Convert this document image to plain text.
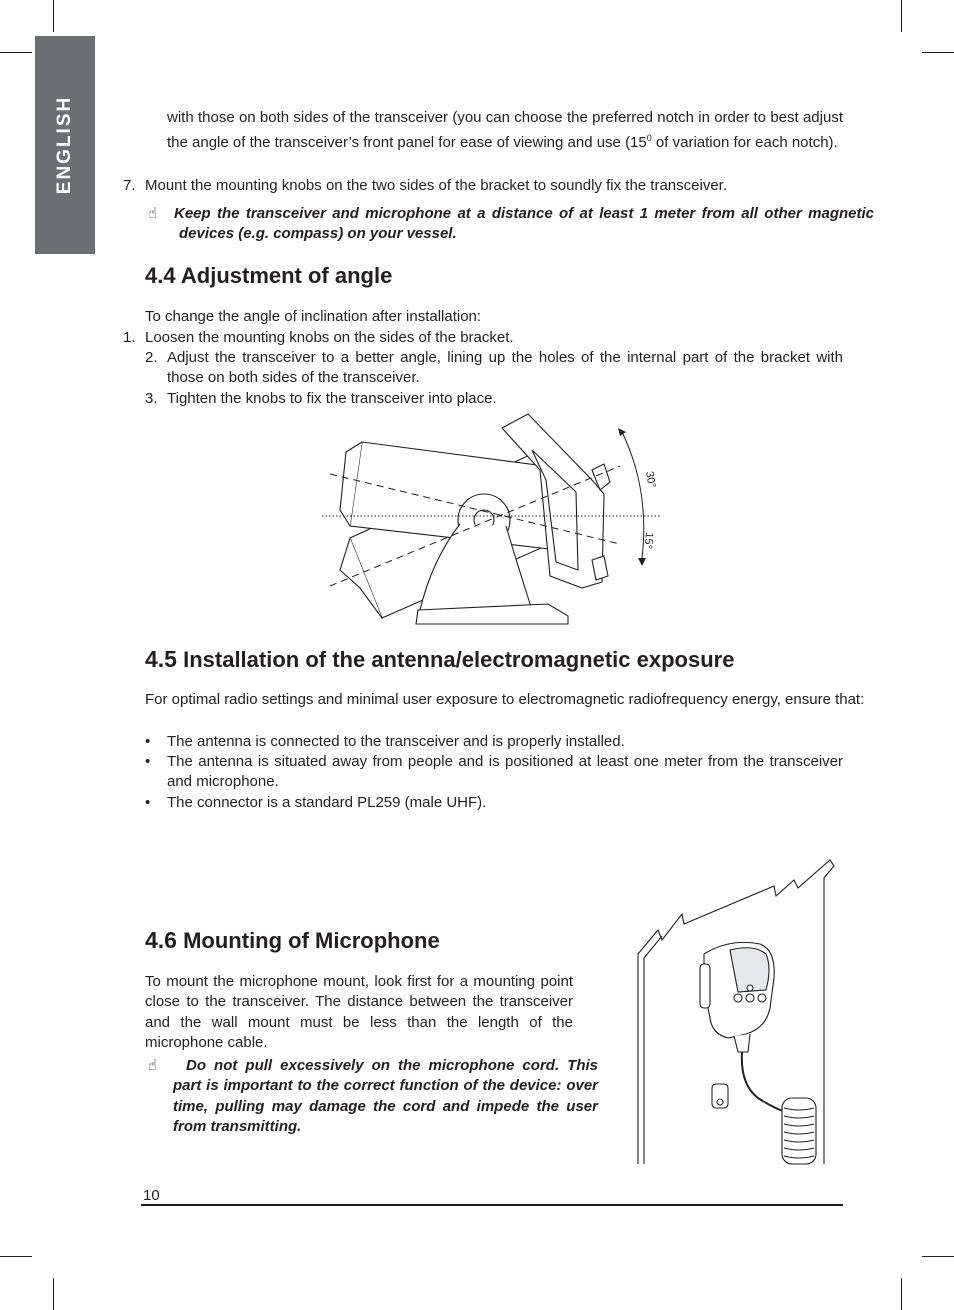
ENGLISH	with those on both sides of the transceiver (you can choose the preferred notch in order to best adjust the angle of the transceiver’s front panel for ease of viewing and use ($15^0$ of variation for each notch).

7. Mount the mounting knobs on the two sides of the bracket to soundly fix the transceiver.

☝ Keep the transceiver and microphone at a distance of at least 1 meter from all other magnetic devices (e.g. compass) on your vessel.

4.4 Adjustment of angle

To change the angle of inclination after installation:

1. Loosen the mounting knobs on the sides of the bracket.

2. Adjust the transceiver to a better angle, lining up the holes of the internal part of the bracket with those on both sides of the transceiver.

3. Tighten the knobs to fix the transceiver into place.

30°
15°
4.5 Installation of the antenna/electromagnetic exposure

For optimal radio settings and minimal user exposure to electromagnetic radiofrequency energy, ensure that:

• The antenna is connected to the transceiver and is properly installed.

• The antenna is situated away from people and is positioned at least one meter from the transceiver and microphone.

• The connector is a standard PL259 (male UHF).

4.6 Mounting of Microphone

To mount the microphone mount, look first for a mounting point close to the transceiver. The distance between the transceiver and the wall mount must be less than the length of the microphone cable.

☝ Do not pull excessively on the microphone cord. This part is important to the correct function of the device: over time, pulling may damage the cord and impede the user from transmitting.

10
